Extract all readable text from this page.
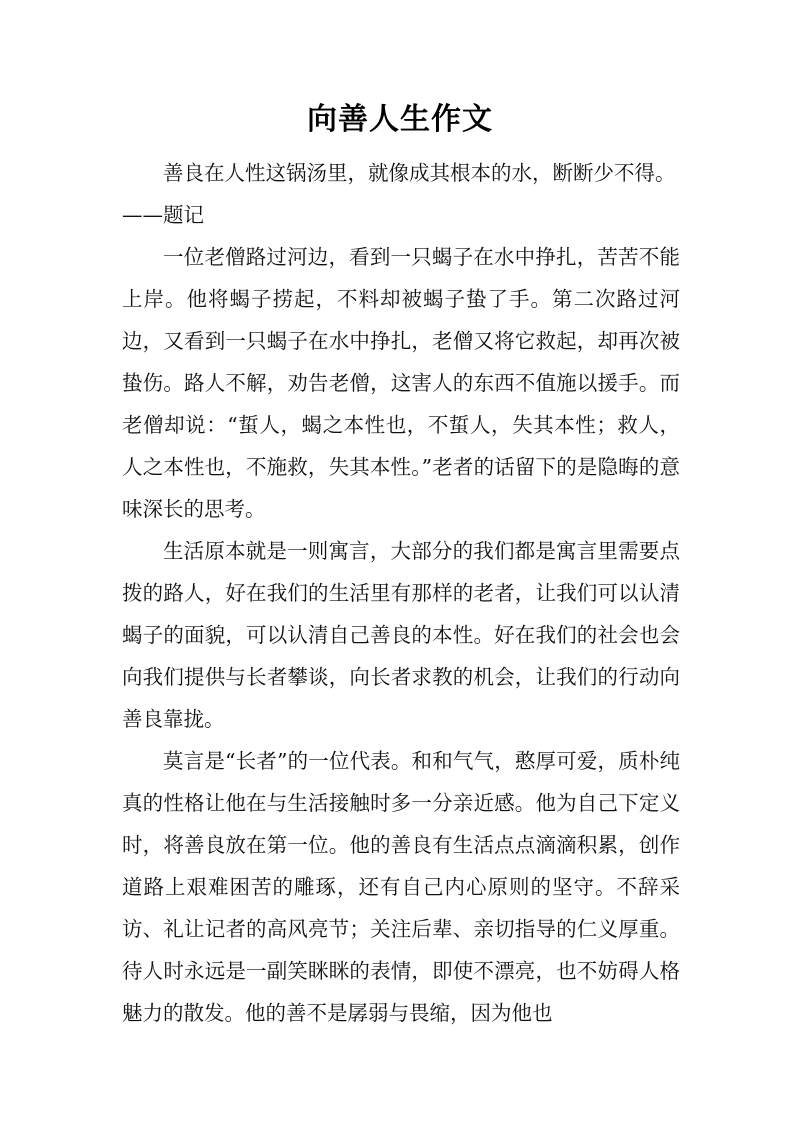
向善人生作文

善良在人性这锅汤里，就像成其根本的水，断断少不得。

——题记

一位老僧路过河边，看到一只蝎子在水中挣扎，苦苦不能上岸。他将蝎子捞起，不料却被蝎子蛰了手。第二次路过河边，又看到一只蝎子在水中挣扎，老僧又将它救起，却再次被蛰伤。路人不解，劝告老僧，这害人的东西不值施以援手。而老僧却说：“蜇人，蝎之本性也，不蜇人，失其本性；救人，人之本性也，不施救，失其本性。”老者的话留下的是隐晦的意味深长的思考。

生活原本就是一则寓言，大部分的我们都是寓言里需要点拨的路人，好在我们的生活里有那样的老者，让我们可以认清蝎子的面貌，可以认清自己善良的本性。好在我们的社会也会向我们提供与长者攀谈，向长者求教的机会，让我们的行动向善良靠拢。

莫言是“长者”的一位代表。和和气气，憨厚可爱，质朴纯真的性格让他在与生活接触时多一分亲近感。他为自己下定义时，将善良放在第一位。他的善良有生活点点滴滴积累，创作道路上艰难困苦的雕琢，还有自己内心原则的坚守。不辞采访、礼让记者的高风亮节；关注后辈、亲切指导的仁义厚重。待人时永远是一副笑眯眯的表情，即使不漂亮，也不妨碍人格魅力的散发。他的善不是孱弱与畏缩，因为他也
